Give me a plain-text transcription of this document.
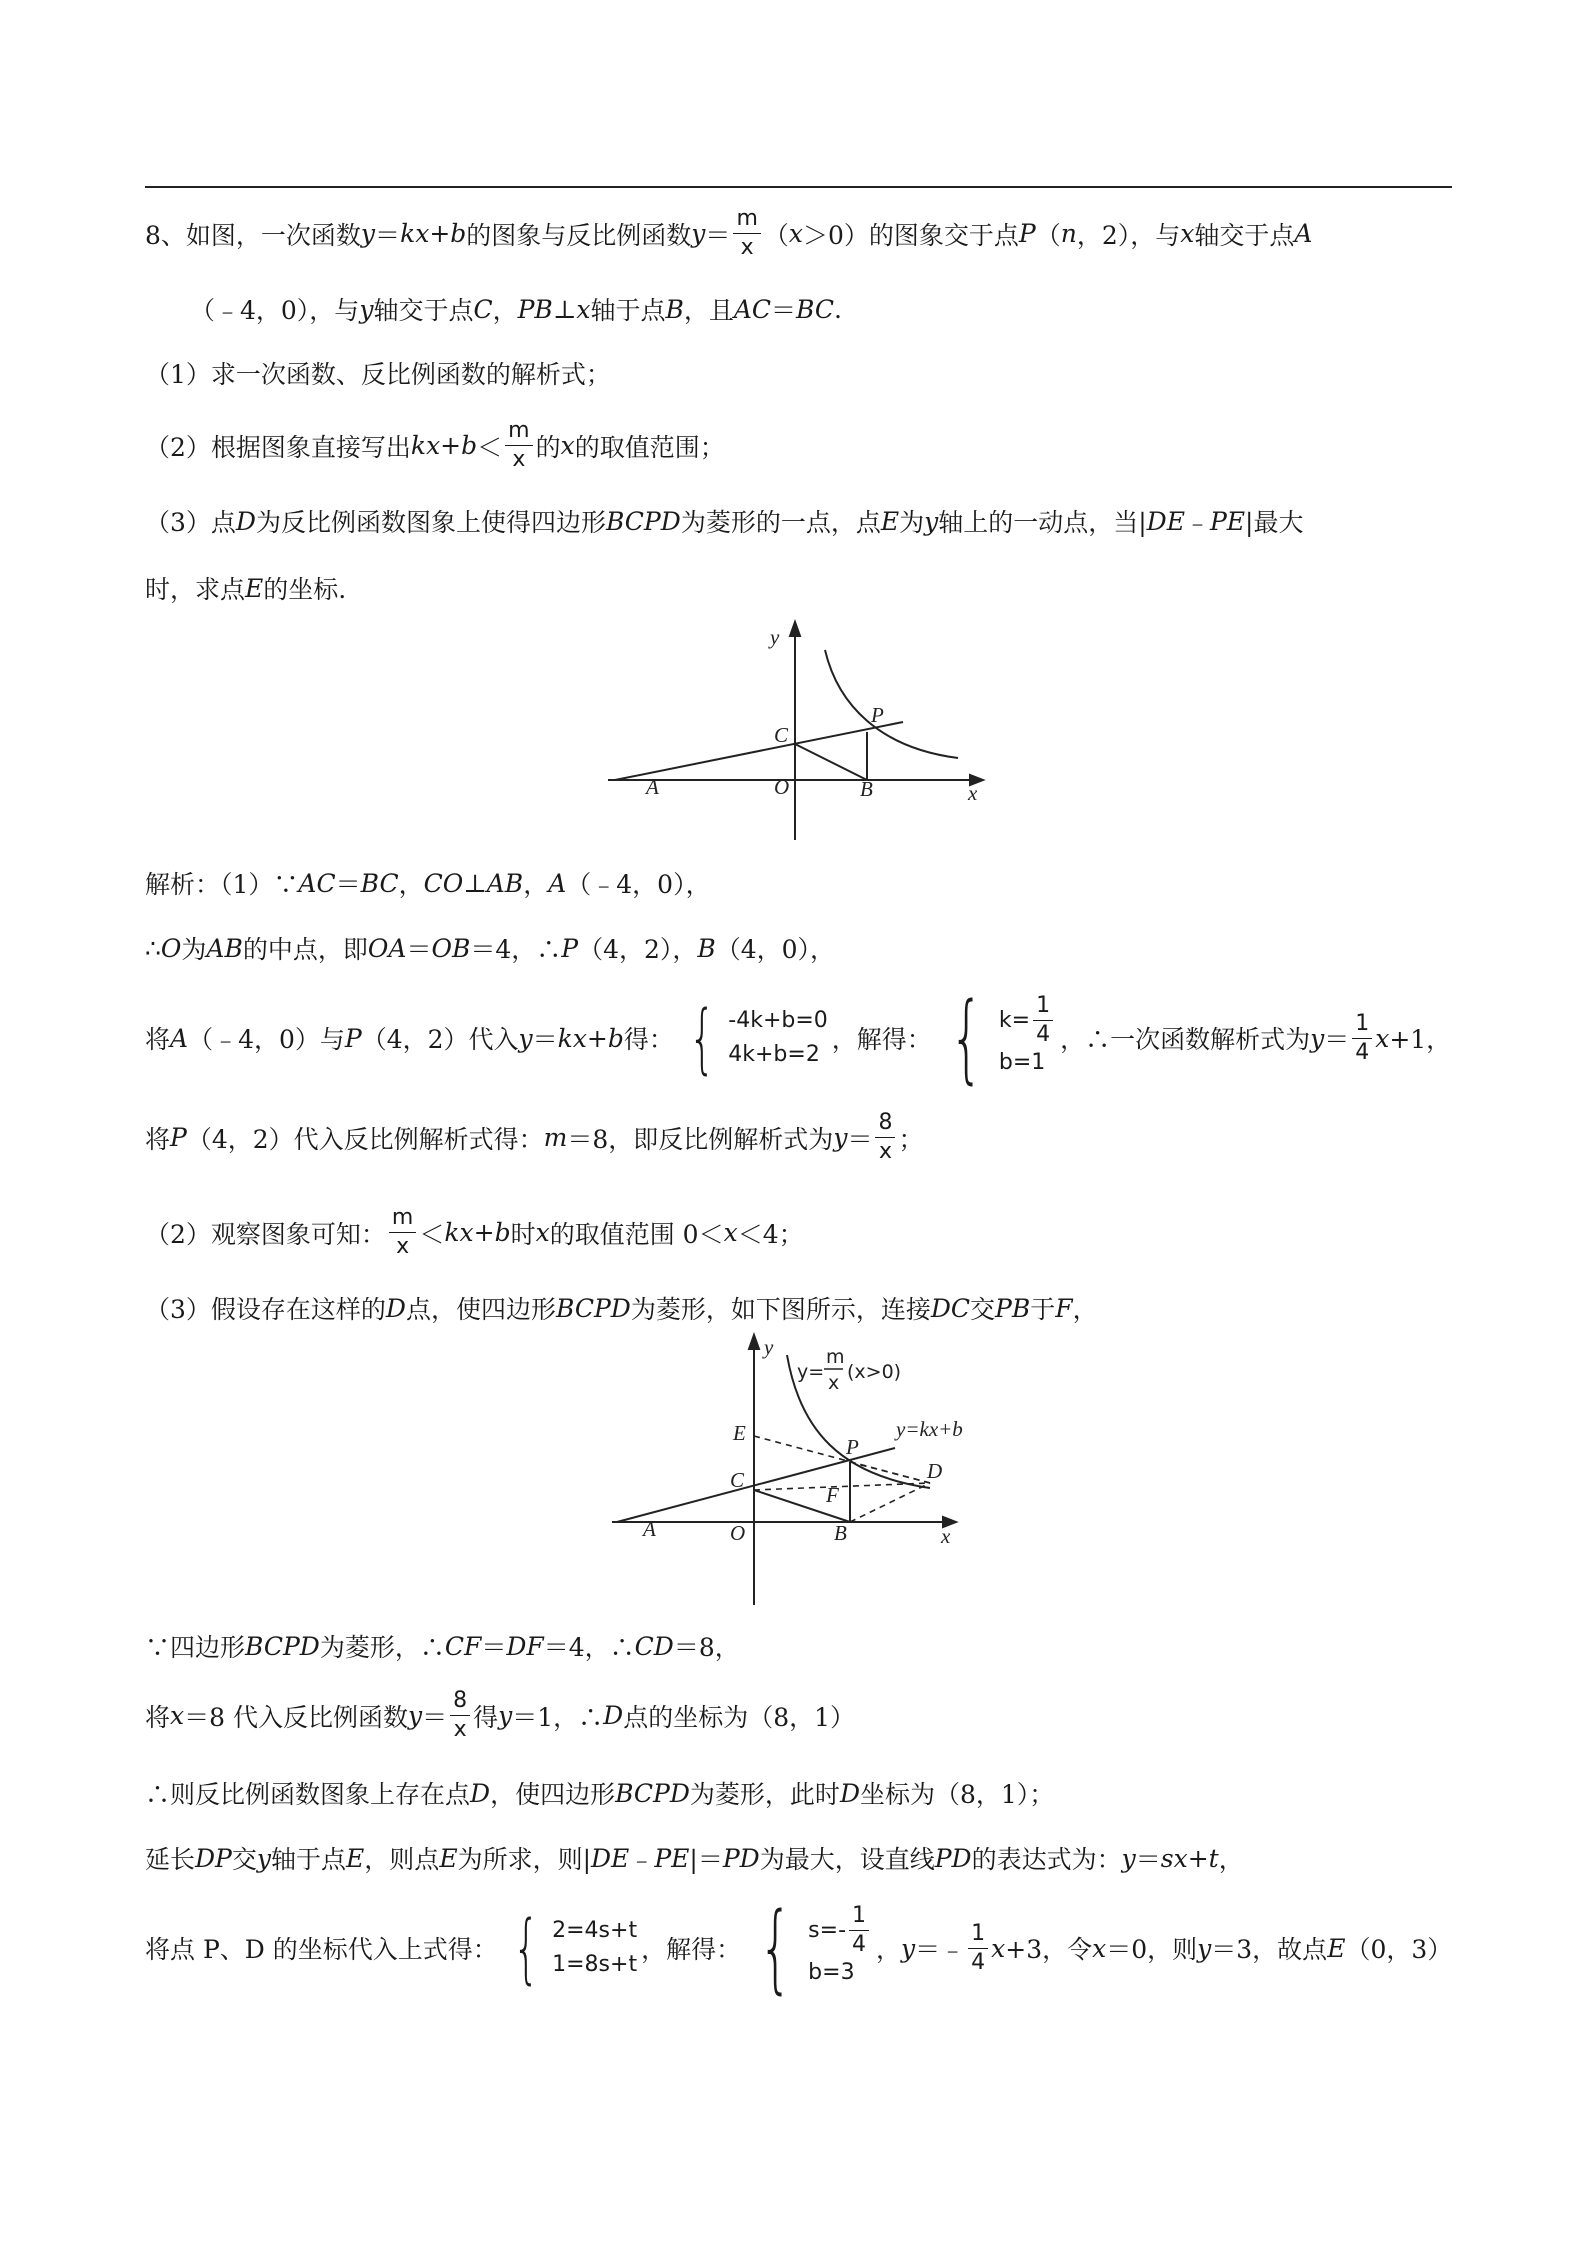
8、如图，一次函数 y ＝ kx + b 的图象与反比例函数 $y = \frac{m}{x}$ （ x ＞0）的图象交于点 P （ n ，2），与 x 轴交于点 A
（﹣4，0），与 y 轴交于点 C ， PB ⊥ x 轴于点 B ，且 AC ＝ BC .
（1）求一次函数、反比例函数的解析式；
（2）根据图象直接写出 kx + $b < \frac{m}{x}$ 的 x 的取值范围；
（3）点 D 为反比例函数图象上使得四边形 BCPD 为菱形的一点，点 E 为 y 轴上的一动点，当| DE ﹣ PE |最大
时，求点 E 的坐标.
y
x
C
P
A	O	B
解析：（1）∵ AC ＝ BC ， CO ⊥ AB ， A （﹣4，0），
∴ O 为 AB 的中点，即 OA ＝ OB ＝4，∴ P （4，2）， B （4，0），
将 A （﹣4，0）与 P （4，2）代入 y ＝ kx + b 得： { -4k+b=0
4k+b=2
，解得： { $k= \frac{1}{4}$
b=1
，∴一次函数解析式为 $y = \frac{1}{4}$ x +1，
将 P （4，2）代入反比例解析式得： m ＝8，即反比例解析式为 $y = \frac{8}{x}$ ；
（2）观察图象可知： $\frac{m}{x}$ ＜ kx + b 时 x 的取值范围 0＜ x ＜4；
（3）假设存在这样的 D 点，使四边形 BCPD 为菱形，如下图所示，连接 DC 交 PB 于 F ，
y
x
E
C
P
D
F
A	O	B
y=kx+b
y=
m
x (x>0)
∵四边形 BCPD 为菱形，∴ CF ＝ DF ＝4，∴ CD ＝8，
将 x ＝8 代入反比例函数 $y = \frac{8}{x}$ 得 y ＝1，∴ D 点的坐标为（8，1）
∴则反比例函数图象上存在点 D ，使四边形 BCPD 为菱形，此时 D 坐标为（8，1）；
延长 DP 交 y 轴于点 E ，则点 E 为所求，则| DE ﹣ PE |＝ PD 为最大，设直线 PD 的表达式为： y ＝ sx + t ，
将点 P、D 的坐标代入上式得： { 2=4s+t
1=8s+t
，解得： { $s=- \frac{1}{4}$
b=3
， y ＝﹣ $\frac{1}{4}$ x +3，令 x ＝0，则 y ＝3，故点 E （0，3）
